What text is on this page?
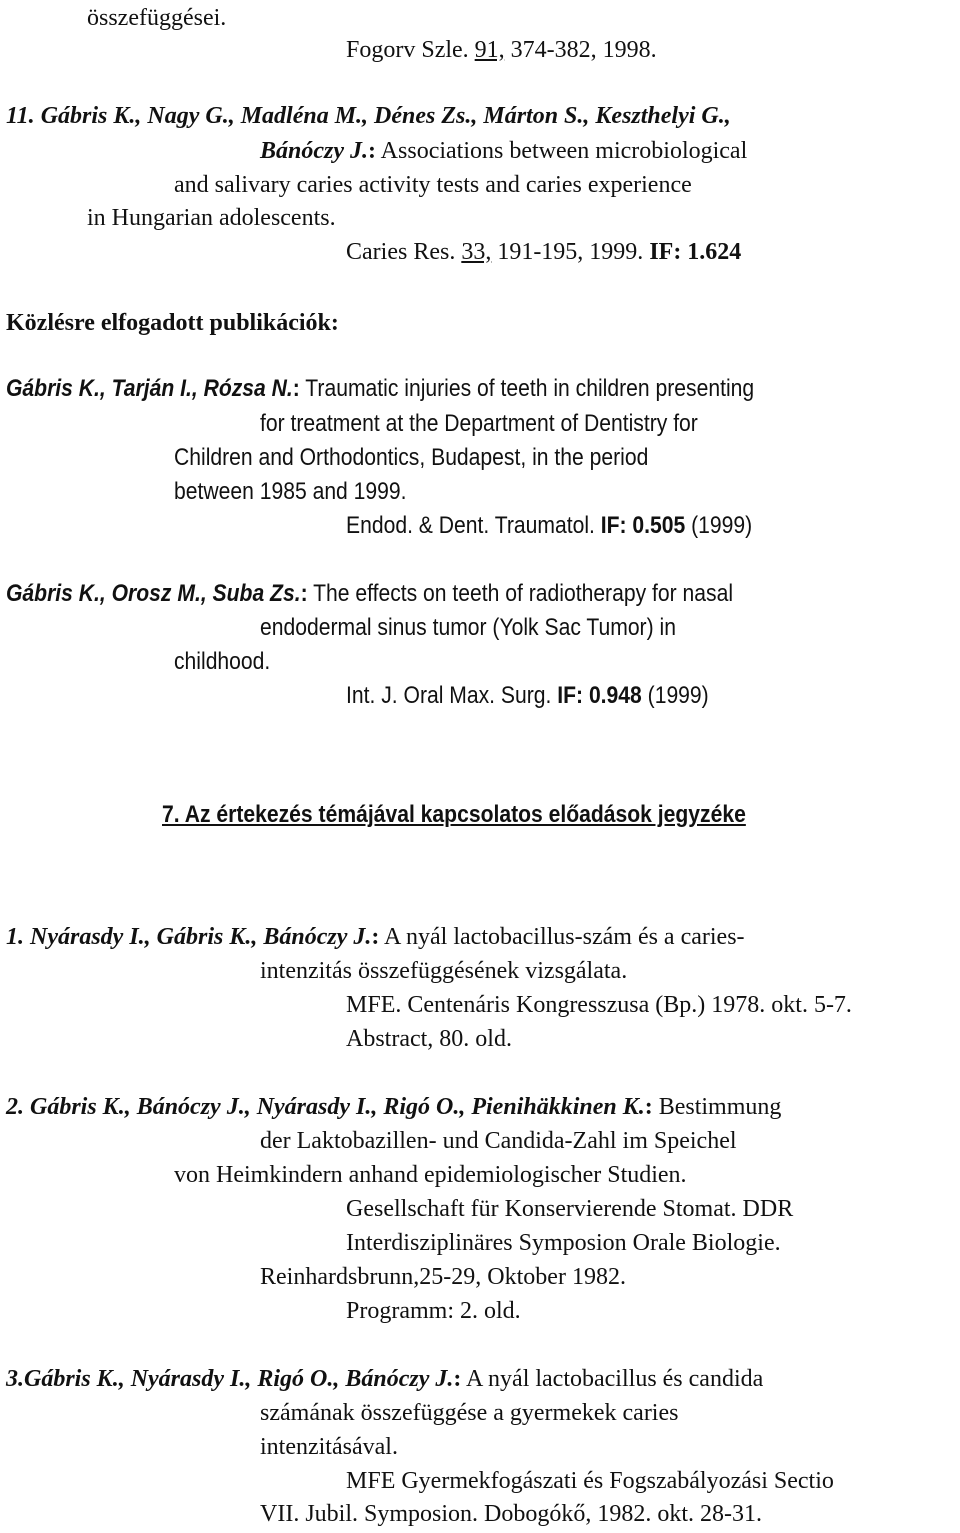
összefüggései.
Fogorv Szle. 91, 374-382, 1998.
11. Gábris K., Nagy G., Madléna M., Dénes Zs., Márton S., Keszthelyi G.,
Bánóczy J.: Associations between microbiological
and salivary caries activity tests and caries experience
in Hungarian adolescents.
Caries Res. 33, 191-195, 1999. IF: 1.624
Közlésre elfogadott publikációk:
Gábris K., Tarján I., Rózsa N.: Traumatic injuries of teeth in children presenting
for treatment at the Department of Dentistry for
Children and Orthodontics, Budapest, in the period
between 1985 and 1999.
Endod. & Dent. Traumatol. IF: 0.505 (1999)
Gábris K., Orosz M., Suba Zs.: The effects on teeth of radiotherapy for nasal
endodermal sinus tumor (Yolk Sac Tumor) in
childhood.
Int. J. Oral Max. Surg. IF: 0.948 (1999)
7. Az értekezés témájával kapcsolatos előadások jegyzéke
1. Nyárasdy I., Gábris K., Bánóczy J.: A nyál lactobacillus-szám és a caries-
intenzitás összefüggésének vizsgálata.
MFE. Centenáris Kongresszusa (Bp.) 1978. okt. 5-7.
Abstract, 80. old.
2. Gábris K., Bánóczy J., Nyárasdy I., Rigó O., Pienihäkkinen K.: Bestimmung
der Laktobazillen- und Candida-Zahl im Speichel
von Heimkindern anhand epidemiologischer Studien.
Gesellschaft für Konservierende Stomat. DDR
Interdisziplinäres Symposion Orale Biologie.
Reinhardsbrunn,25-29, Oktober 1982.
Programm: 2. old.
3.Gábris K., Nyárasdy I., Rigó O., Bánóczy J.: A nyál lactobacillus és candida
számának összefüggése a gyermekek caries
intenzitásával.
MFE Gyermekfogászati és Fogszabályozási Sectio
VII. Jubil. Symposion. Dobogókő, 1982. okt. 28-31.
